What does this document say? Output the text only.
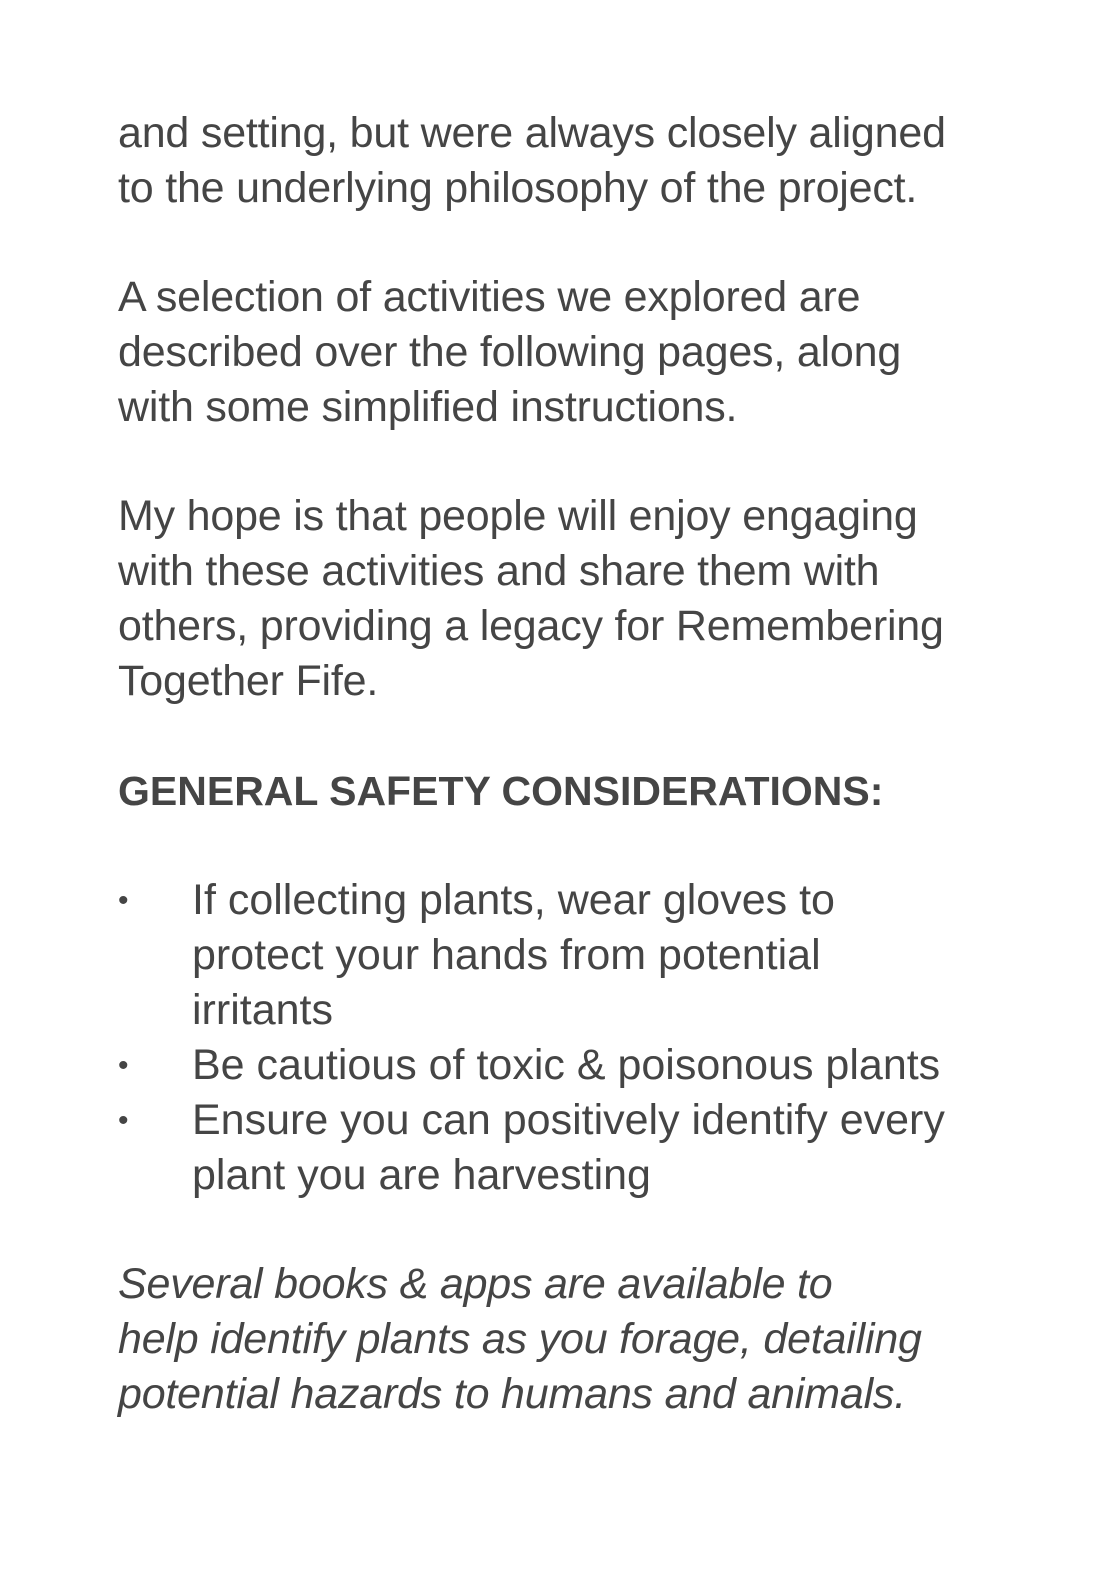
and setting, but were always closely aligned
to the underlying philosophy of the project.

A selection of activities we explored are
described over the following pages, along
with some simplified instructions.

My hope is that people will enjoy engaging
with these activities and share them with
others, providing a legacy for Remembering
Together Fife.

GENERAL SAFETY CONSIDERATIONS:
• If collecting plants, wear gloves to
protect your hands from potential
irritants
• Be cautious of toxic & poisonous plants
• Ensure you can positively identify every
plant you are harvesting

Several books & apps are available to
help identify plants as you forage, detailing
potential hazards to humans and animals.
